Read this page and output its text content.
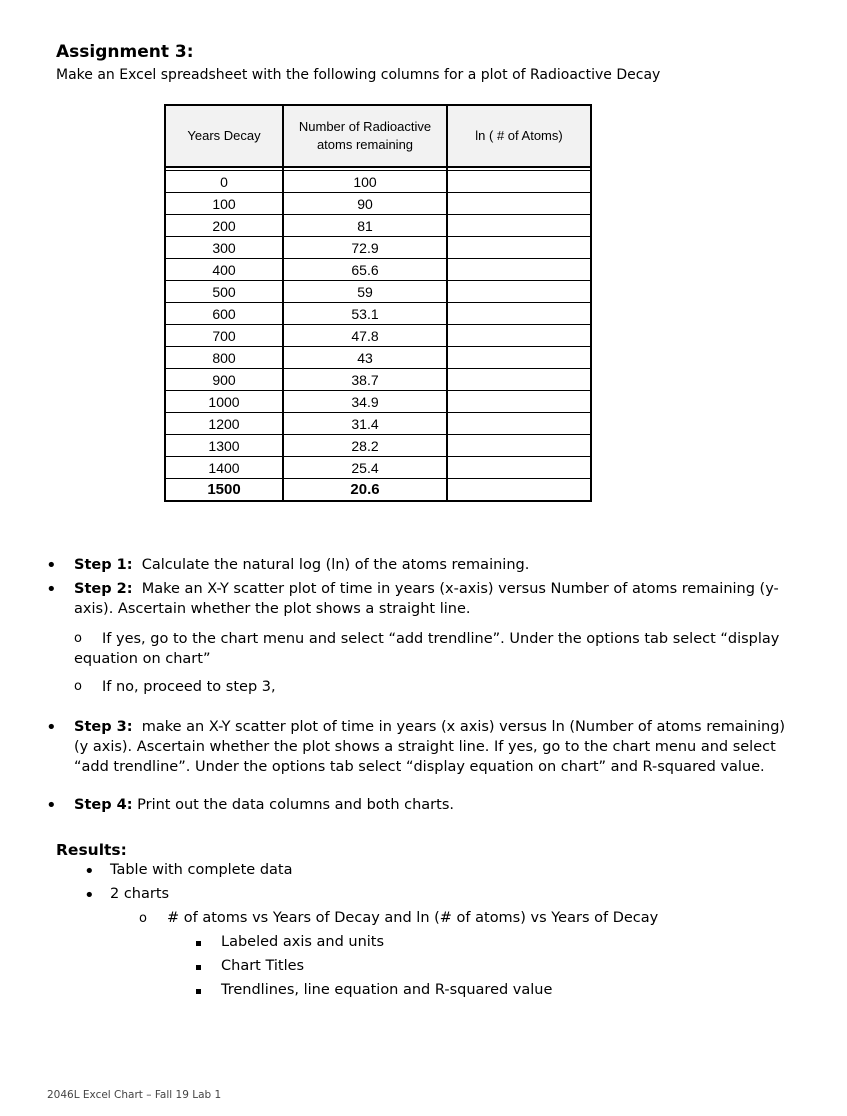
Assignment 3:
Make an Excel spreadsheet with the following columns for a plot of Radioactive Decay
Years Decay	Number of Radioactive atoms remaining	ln ( # of Atoms)

0	100	
100	90	
200	81	
300	72.9	
400	65.6	
500	59	
600	53.1	
700	47.8	
800	43	
900	38.7	
1000	34.9	
1200	31.4	
1300	28.2	
1400	25.4	
1500	20.6	
• Step 1: Calculate the natural log (ln) of the atoms remaining.
• Step 2: Make an X-Y scatter plot of time in years (x-axis) versus Number of atoms remaining (y-axis). Ascertain whether the plot shows a straight line.
o	If yes, go to the chart menu and select “add trendline”. Under the options tab select “display equation on chart”
o If no, proceed to step 3,
• Step 3: make an X-Y scatter plot of time in years (x axis) versus ln (Number of atoms remaining) (y axis). Ascertain whether the plot shows a straight line. If yes, go to the chart menu and select “add trendline”. Under the options tab select “display equation on chart” and R-squared value.
• Step 4: Print out the data columns and both charts.
Results:
• Table with complete data
• 2 charts
o # of atoms vs Years of Decay and ln (# of atoms) vs Years of Decay
Labeled axis and units
Chart Titles
Trendlines, line equation and R-squared value
2046L Excel Chart – Fall 19 Lab 1
